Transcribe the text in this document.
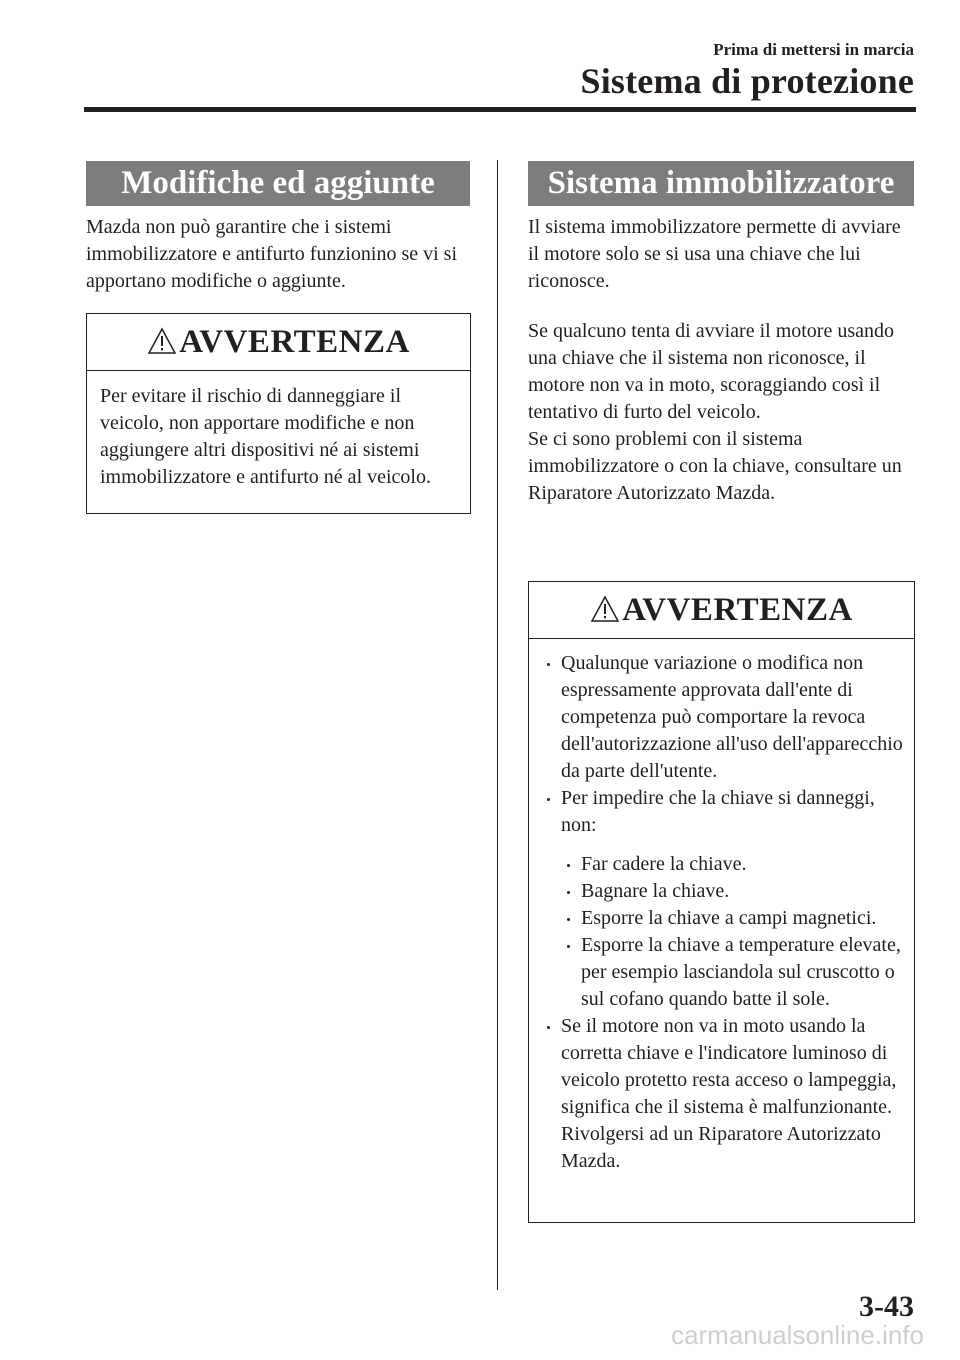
Prima di mettersi in marcia
Sistema di protezione
Modifiche ed aggiunte

Mazda non può garantire che i sistemi immobilizzatore e antifurto funzionino se vi si apportano modifiche o aggiunte.

AVVERTENZA

Per evitare il rischio di danneggiare il veicolo, non apportare modifiche e non aggiungere altri dispositivi né ai sistemi immobilizzatore e antifurto né al veicolo.

Sistema immobilizzatore

Il sistema immobilizzatore permette di avviare il motore solo se si usa una chiave che lui riconosce.

Se qualcuno tenta di avviare il motore usando una chiave che il sistema non riconosce, il motore non va in moto, scoraggiando così il tentativo di furto del veicolo.

Se ci sono problemi con il sistema immobilizzatore o con la chiave, consultare un Riparatore Autorizzato Mazda.

AVVERTENZA
Qualunque variazione o modifica non espressamente approvata dall'ente di competenza può comportare la revoca dell'autorizzazione all'uso dell'apparecchio da parte dell'utente.
Per impedire che la chiave si danneggi, non:
Far cadere la chiave.
Bagnare la chiave.
Esporre la chiave a campi magnetici.
Esporre la chiave a temperature elevate, per esempio lasciandola sul cruscotto o sul cofano quando batte il sole.
Se il motore non va in moto usando la corretta chiave e l'indicatore luminoso di veicolo protetto resta acceso o lampeggia, significa che il sistema è malfunzionante. Rivolgersi ad un Riparatore Autorizzato Mazda.
3-43
carmanualsonline.info
